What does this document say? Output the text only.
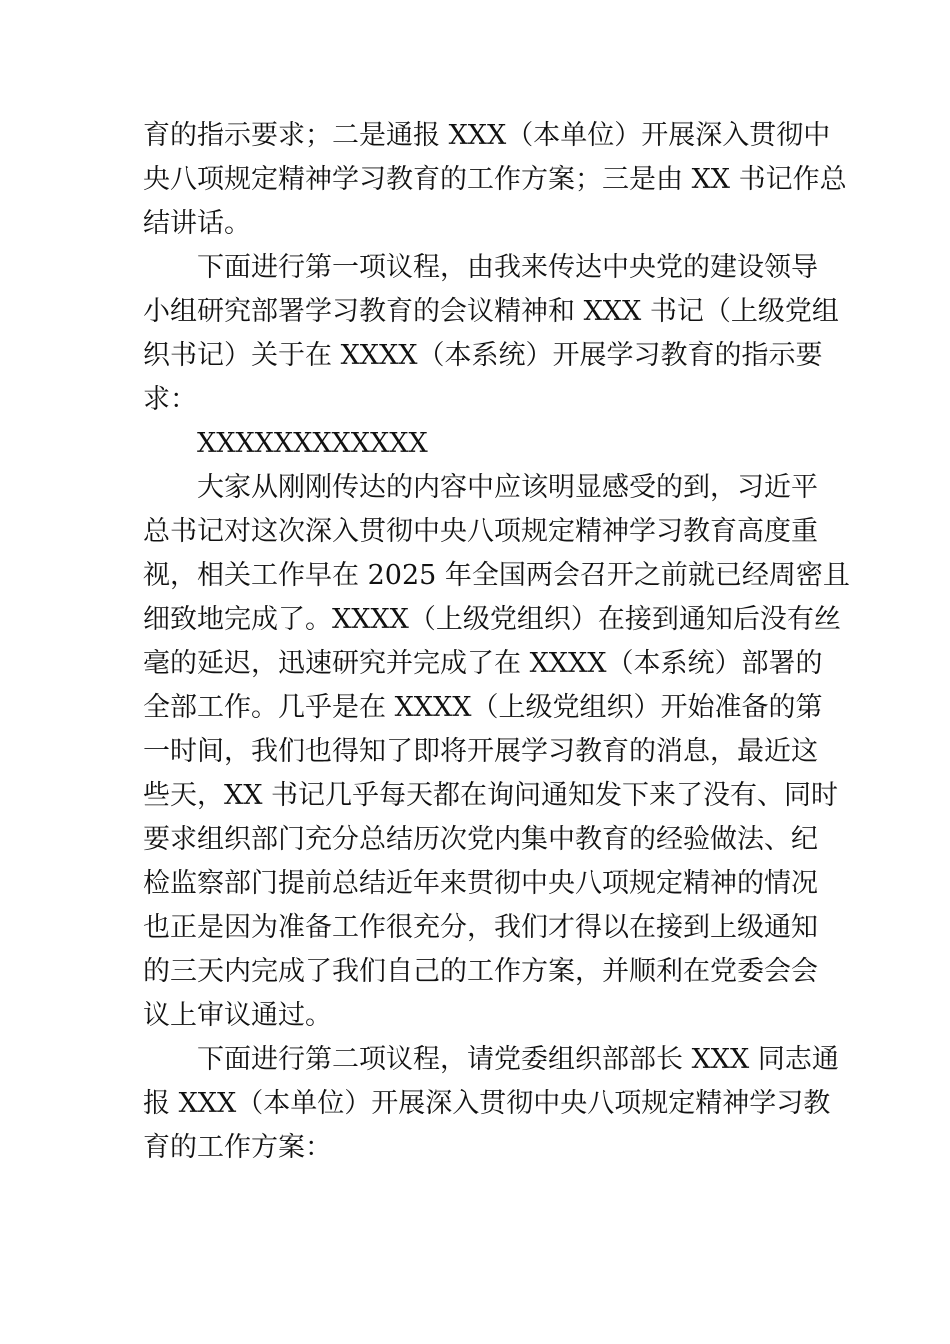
育的指示要求；二是通报 XXX（本单位）开展深入贯彻中
央八项规定精神学习教育的工作方案；三是由 XX 书记作总
结讲话。
下面进行第一项议程，由我来传达中央党的建设领导
小组研究部署学习教育的会议精神和 XXX 书记（上级党组
织书记）关于在 XXXX（本系统）开展学习教育的指示要
求：
XXXXXXXXXXXX
大家从刚刚传达的内容中应该明显感受的到，习近平
总书记对这次深入贯彻中央八项规定精神学习教育高度重
视，相关工作早在 2025 年全国两会召开之前就已经周密且
细致地完成了。XXXX（上级党组织）在接到通知后没有丝
毫的延迟，迅速研究并完成了在 XXXX（本系统）部署的
全部工作。几乎是在 XXXX（上级党组织）开始准备的第
一时间，我们也得知了即将开展学习教育的消息，最近这
些天，XX 书记几乎每天都在询问通知发下来了没有、同时
要求组织部门充分总结历次党内集中教育的经验做法、纪
检监察部门提前总结近年来贯彻中央八项规定精神的情况
也正是因为准备工作很充分，我们才得以在接到上级通知
的三天内完成了我们自己的工作方案，并顺利在党委会会
议上审议通过。
下面进行第二项议程，请党委组织部部长 XXX 同志通
报 XXX（本单位）开展深入贯彻中央八项规定精神学习教
育的工作方案：
